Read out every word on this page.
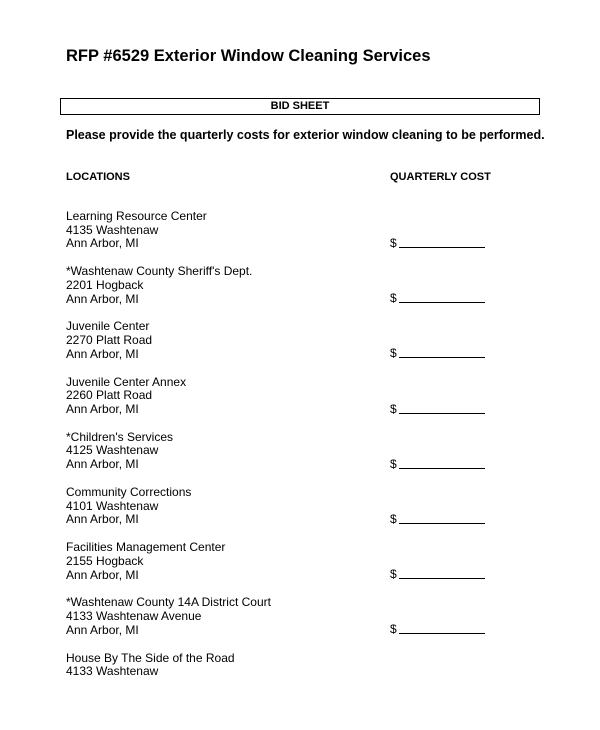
RFP #6529 Exterior Window Cleaning Services
BID SHEET
Please provide the quarterly costs for exterior window cleaning to be performed.
LOCATIONS	QUARTERLY COST
Learning Resource Center
4135 Washtenaw
Ann Arbor, MI	$
*Washtenaw County Sheriff's Dept.
2201 Hogback
Ann Arbor, MI	$
Juvenile Center
2270 Platt Road
Ann Arbor, MI	$
Juvenile Center Annex
2260 Platt Road
Ann Arbor, MI	$
*Children's Services
4125 Washtenaw
Ann Arbor, MI	$
Community Corrections
4101 Washtenaw
Ann Arbor, MI	$
Facilities Management Center
2155 Hogback
Ann Arbor, MI	$
*Washtenaw County 14A District Court
4133 Washtenaw Avenue
Ann Arbor, MI	$
House By The Side of the Road
4133 Washtenaw
